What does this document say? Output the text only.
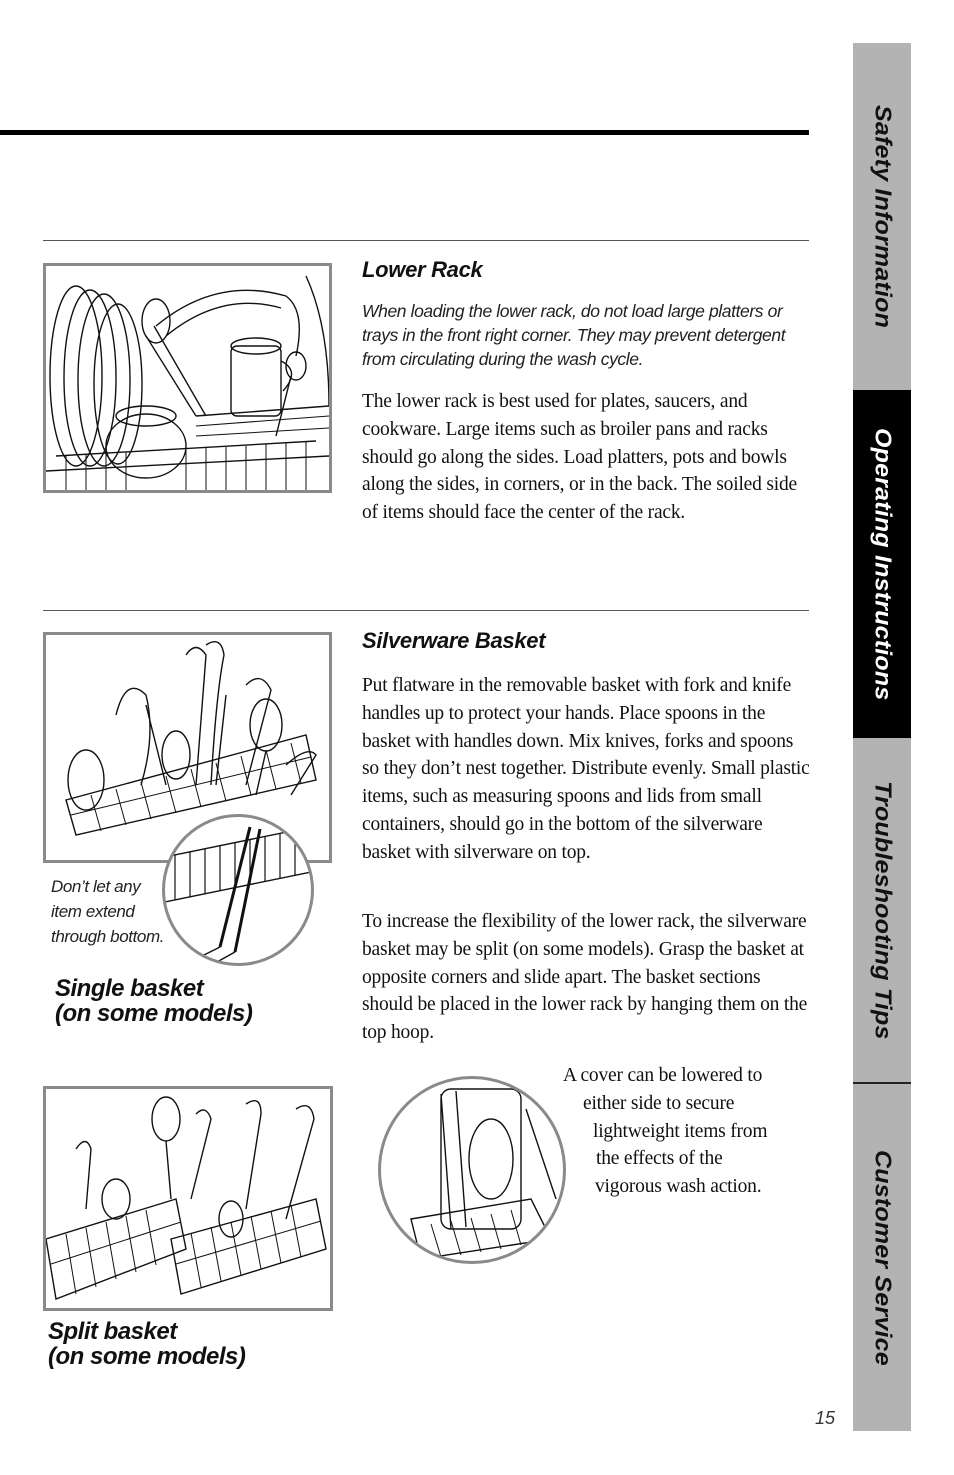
Safety Information
Operating Instructions
Troubleshooting Tips
Customer Service
Lower Rack
When loading the lower rack, do not load large platters or trays in the front right corner. They may prevent detergent from circulating during the wash cycle.
The lower rack is best used for plates, saucers, and cookware. Large items such as broiler pans and racks should go along the sides. Load platters, pots and bowls along the sides, in corners, or in the back. The soiled side of items should face the center of the rack.
Don’t let any
item extend
through bottom.
Single basket
(on some models)
Silverware Basket
Put flatware in the removable basket with fork and knife handles up to protect your hands. Place spoons in the basket with handles down. Mix knives, forks and spoons so they don’t nest together. Distribute evenly. Small plastic items, such as measuring spoons and lids from small containers, should go in the bottom of the silverware basket with silverware on top.
To increase the flexibility of the lower rack, the silverware basket may be split (on some models). Grasp the basket at opposite corners and slide apart. The basket sections should be placed in the lower rack by hanging them on the top hoop.
Split basket
(on some models)
A cover can be lowered to
either side to secure
lightweight items from
the effects of the
vigorous wash action.
15
